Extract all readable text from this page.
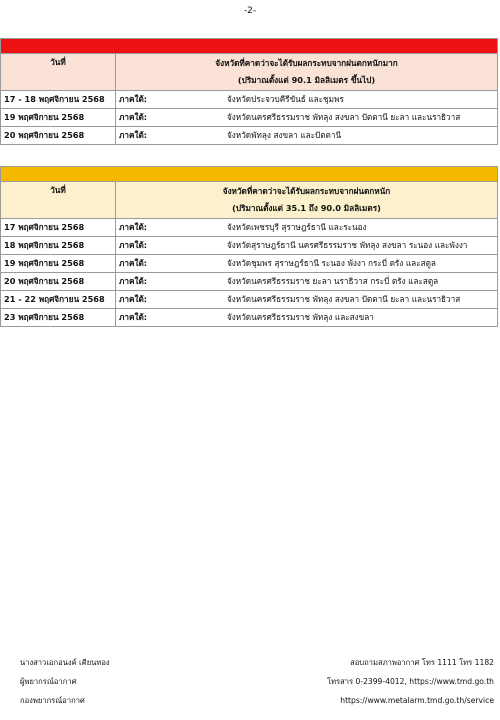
-2-

วันที่	จังหวัดที่คาดว่าจะได้รับผลกระทบจากฝนตกหนักมาก
(ปริมาณตั้งแต่ 90.1 มิลลิเมตร ขึ้นไป)

17 - 18 พฤศจิกายน 2568	ภาคใต้: จังหวัดประจวบคีรีขันธ์ และชุมพร
19 พฤศจิกายน 2568	ภาคใต้: จังหวัดนครศรีธรรมราช พัทลุง สงขลา ปัตตานี ยะลา และนราธิวาส
20 พฤศจิกายน 2568	ภาคใต้: จังหวัดพัทลุง สงขลา และปัตตานี

วันที่	จังหวัดที่คาดว่าจะได้รับผลกระทบจากฝนตกหนัก
(ปริมาณตั้งแต่ 35.1 ถึง 90.0 มิลลิเมตร)

17 พฤศจิกายน 2568	ภาคใต้: จังหวัดเพชรบุรี สุราษฎร์ธานี และระนอง
18 พฤศจิกายน 2568	ภาคใต้: จังหวัดสุราษฎร์ธานี นครศรีธรรมราช พัทลุง สงขลา ระนอง และพังงา
19 พฤศจิกายน 2568	ภาคใต้: จังหวัดชุมพร สุราษฎร์ธานี ระนอง พังงา กระบี่ ตรัง และสตูล
20 พฤศจิกายน 2568	ภาคใต้: จังหวัดนครศรีธรรมราช ยะลา นราธิวาส กระบี่ ตรัง และสตูล
21 - 22 พฤศจิกายน 2568	ภาคใต้: จังหวัดนครศรีธรรมราช พัทลุง สงขลา ปัตตานี ยะลา และนราธิวาส
23 พฤศจิกายน 2568	ภาคใต้: จังหวัดนครศรีธรรมราช พัทลุง และสงขลา
นางสาวเอกอนงค์ เคียนทอง
ผู้พยากรณ์อากาศ
กองพยากรณ์อากาศ
สอบถามสภาพอากาศ โทร 1111 โทร 1182
โทรสาร 0-2399-4012, https://www.tmd.go.th
https://www.metalarm.tmd.go.th/service
